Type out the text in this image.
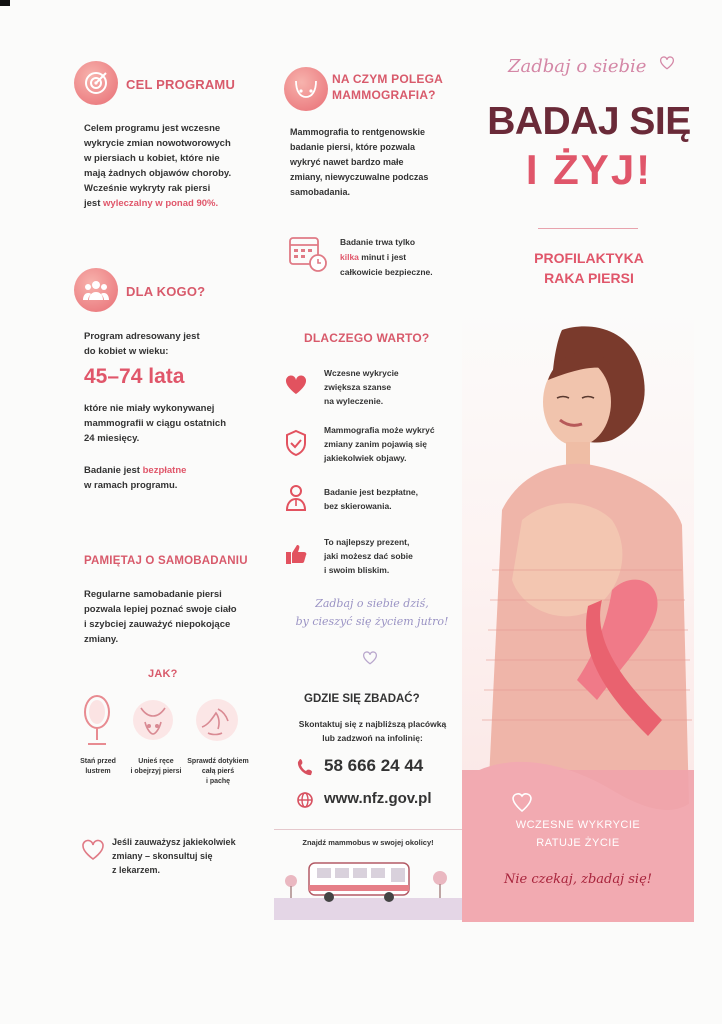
CEL PROGRAMU
Celem programu jest wczesne
wykrycie zmian nowotworowych
w piersiach u kobiet, które nie
mają żadnych objawów choroby.
Wcześnie wykryty rak piersi
jest wyleczalny w ponad 90%.
DLA KOGO?
Program adresowany jest
do kobiet w wieku:
45–74 lata
które nie miały wykonywanej
mammografii w ciągu ostatnich
24 miesięcy.
Badanie jest bezpłatne
w ramach programu.
PAMIĘTAJ O SAMOBADANIU
Regularne samobadanie piersi
pozwala lepiej poznać swoje ciało
i szybciej zauważyć niepokojące
zmiany.
JAK?
Stań przed
lustrem
Unieś ręce
i obejrzyj piersi
Sprawdź dotykiem
całą pierś
i pachę
Jeśli zauważysz jakiekolwiek
zmiany – skonsultuj się
z lekarzem.
NA CZYM POLEGA
MAMMOGRAFIA?
Mammografia to rentgenowskie
badanie piersi, które pozwala
wykryć nawet bardzo małe
zmiany, niewyczuwalne podczas
samobadania.
Badanie trwa tylko
kilka minut i jest
całkowicie bezpieczne.
DLACZEGO WARTO?
Wczesne wykrycie
zwiększa szanse
na wyleczenie.
Mammografia może wykryć
zmiany zanim pojawią się
jakiekolwiek objawy.
Badanie jest bezpłatne,
bez skierowania.
To najlepszy prezent,
jaki możesz dać sobie
i swoim bliskim.
Zadbaj o siebie dziś,
by cieszyć się życiem jutro!
GDZIE SIĘ ZBADAĆ?
Skontaktuj się z najbliższą placówką
lub zadzwoń na infolinię:
58 666 24 44
www.nfz.gov.pl
Znajdź mammobus w swojej okolicy!
Zadbaj o siebie
BADAJ SIĘ
I ŻYJ!
PROFILAKTYKA
RAKA PIERSI
WCZESNE WYKRYCIE
RATUJE ŻYCIE
Nie czekaj, zbadaj się!
